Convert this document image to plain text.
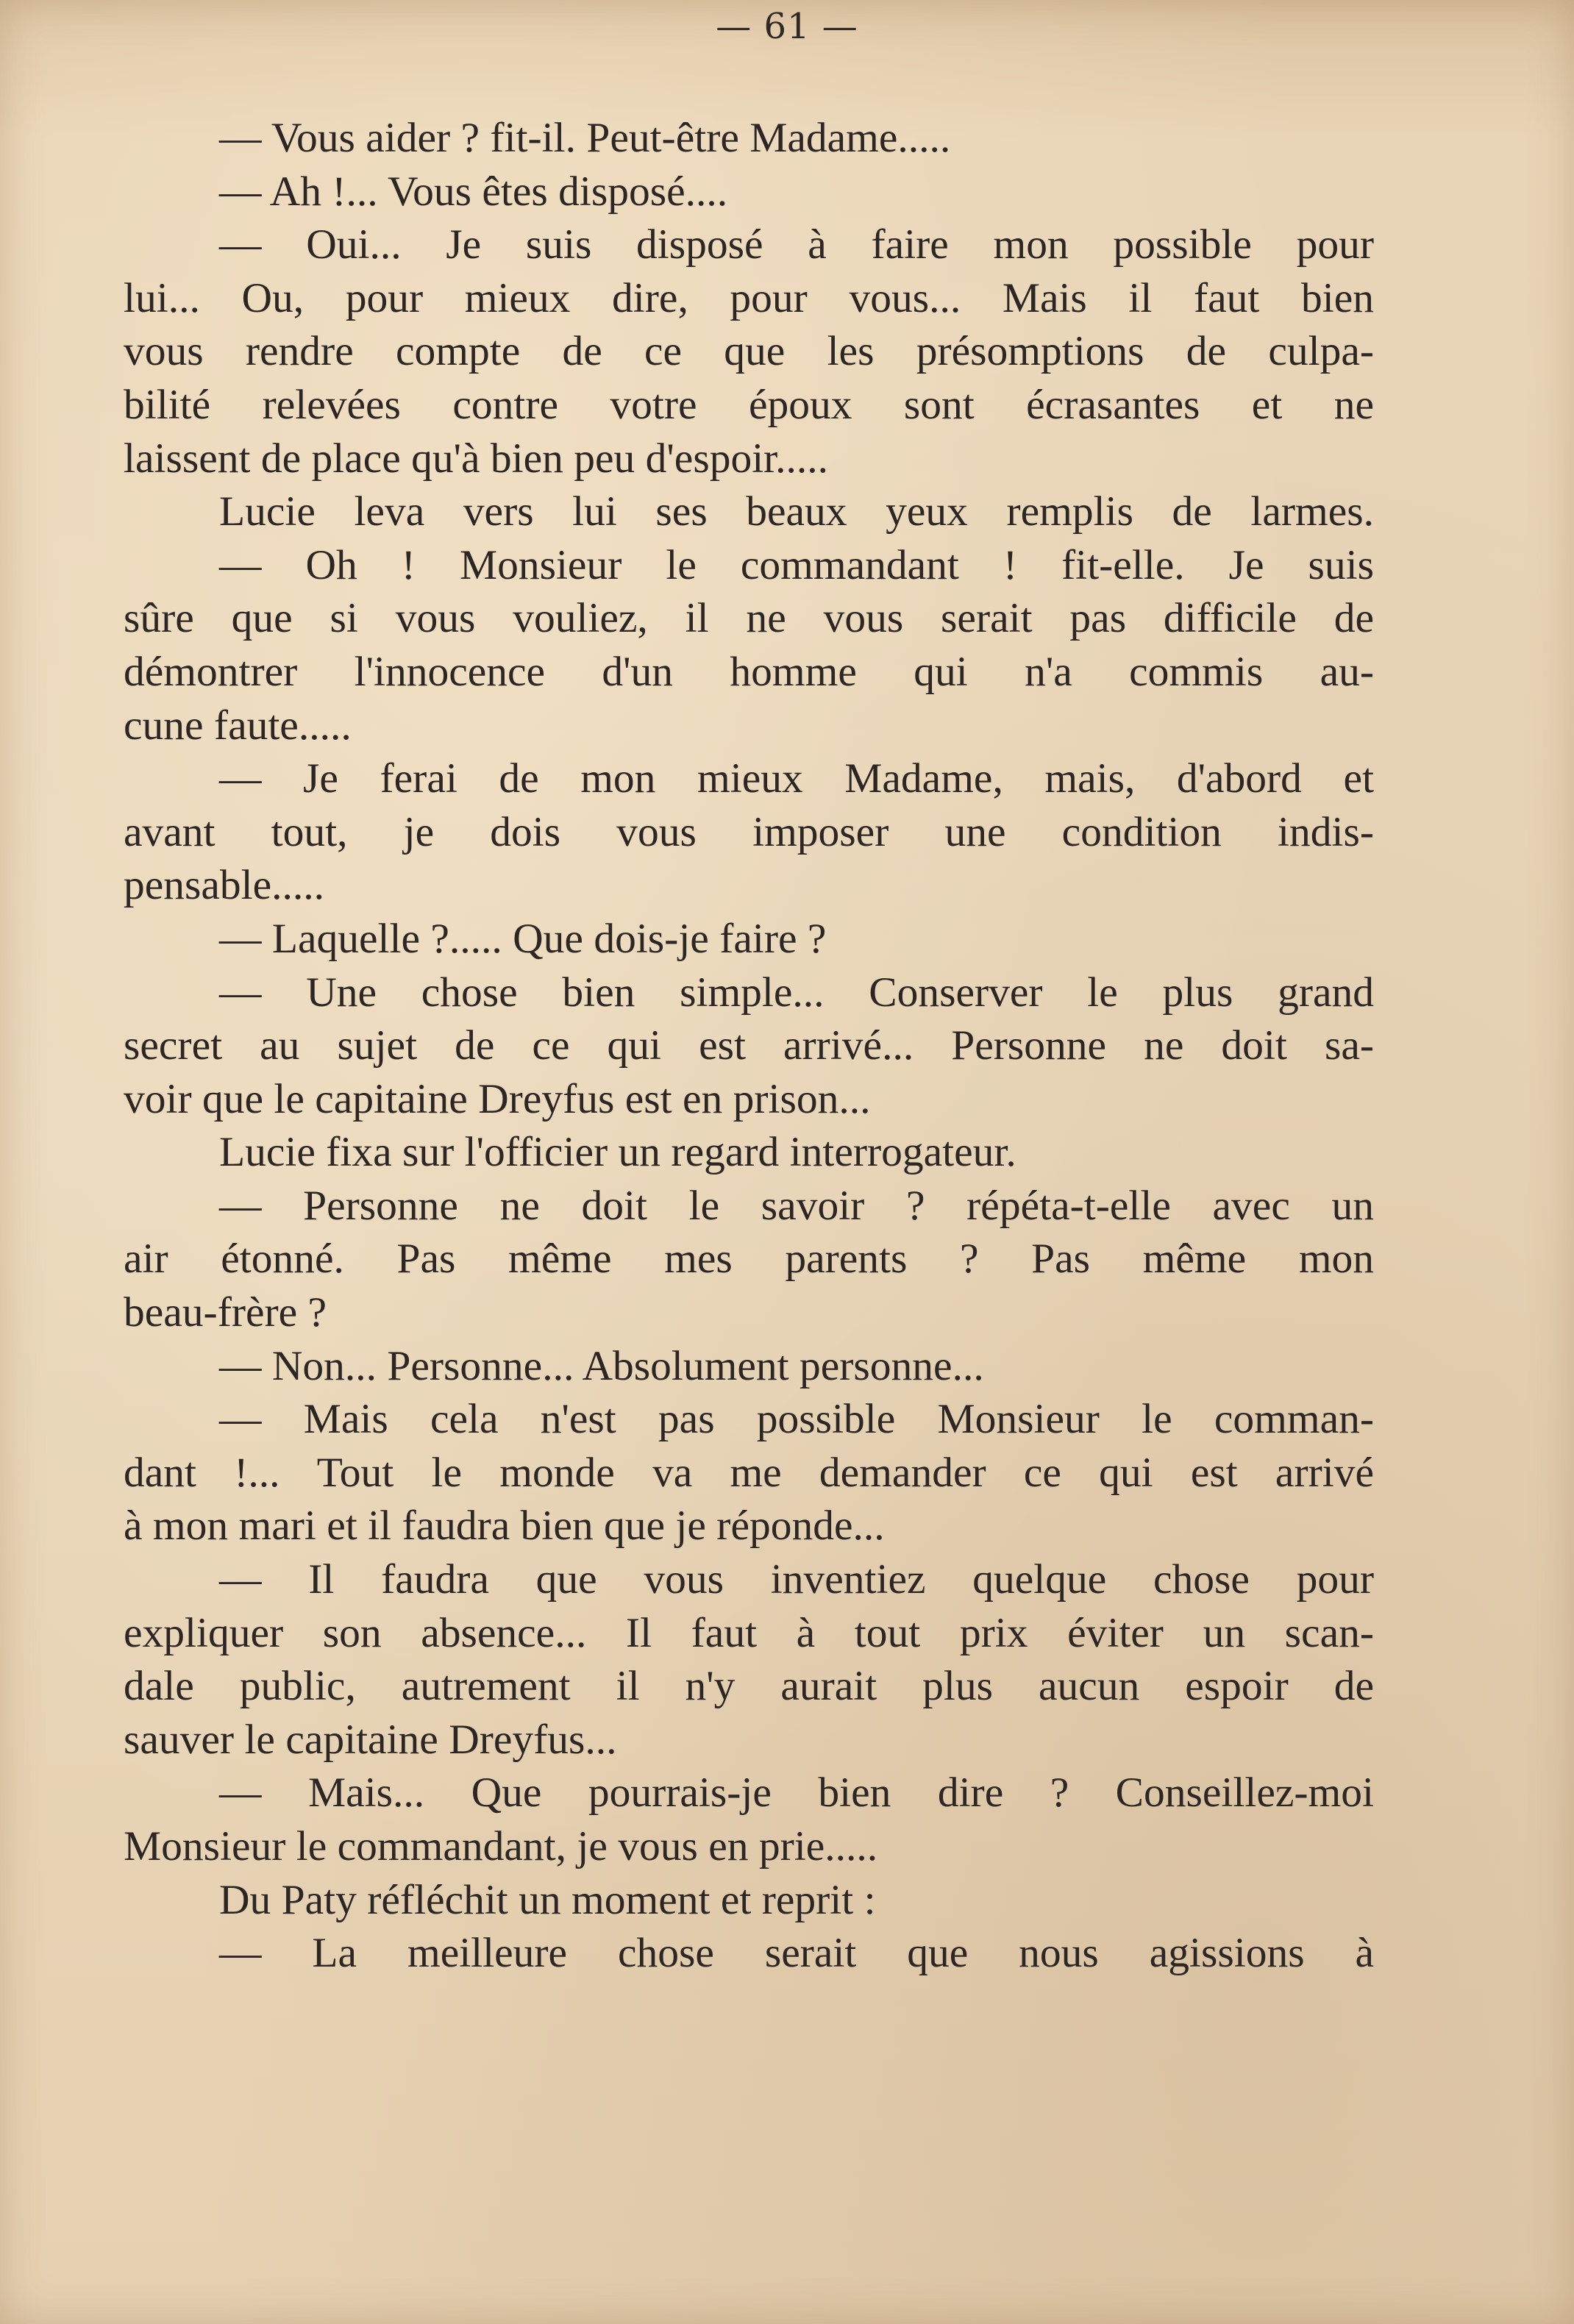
— 61 —
— Vous aider ? fit-il. Peut-être Madame.....
— Ah !... Vous êtes disposé....
— Oui... Je suis disposé à faire mon possible pour
lui... Ou, pour mieux dire, pour vous... Mais il faut bien
vous rendre compte de ce que les présomptions de culpa-
bilité relevées contre votre époux sont écrasantes et ne
laissent de place qu'à bien peu d'espoir.....
Lucie leva vers lui ses beaux yeux remplis de larmes.
— Oh ! Monsieur le commandant ! fit-elle. Je suis
sûre que si vous vouliez, il ne vous serait pas difficile de
démontrer l'innocence d'un homme qui n'a commis au-
cune faute.....
— Je ferai de mon mieux Madame, mais, d'abord et
avant tout, je dois vous imposer une condition indis-
pensable.....
— Laquelle ?..... Que dois-je faire ?
— Une chose bien simple... Conserver le plus grand
secret au sujet de ce qui est arrivé... Personne ne doit sa-
voir que le capitaine Dreyfus est en prison...
Lucie fixa sur l'officier un regard interrogateur.
— Personne ne doit le savoir ? répéta-t-elle avec un
air étonné. Pas même mes parents ? Pas même mon
beau-frère ?
— Non... Personne... Absolument personne...
— Mais cela n'est pas possible Monsieur le comman-
dant !... Tout le monde va me demander ce qui est arrivé
à mon mari et il faudra bien que je réponde...
— Il faudra que vous inventiez quelque chose pour
expliquer son absence... Il faut à tout prix éviter un scan-
dale public, autrement il n'y aurait plus aucun espoir de
sauver le capitaine Dreyfus...
— Mais... Que pourrais-je bien dire ? Conseillez-moi
Monsieur le commandant, je vous en prie.....
Du Paty réfléchit un moment et reprit :
— La meilleure chose serait que nous agissions à
